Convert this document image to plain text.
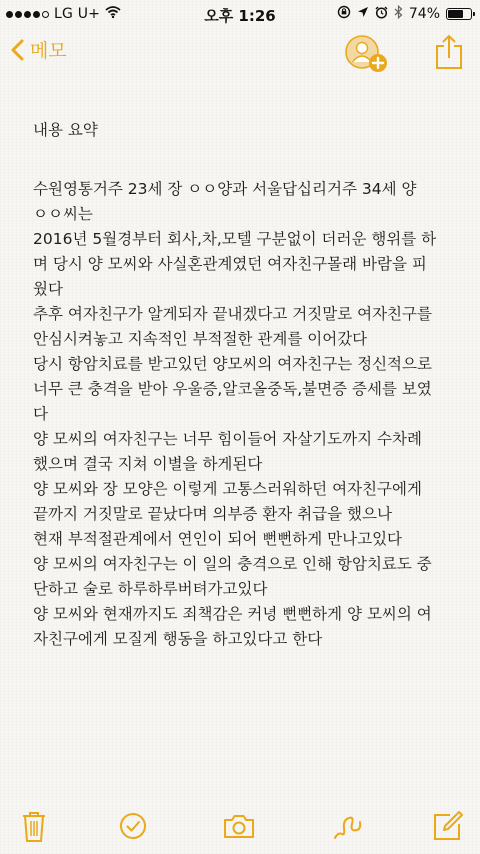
LG U+	오후 1:26	74%
메모
내용 요약
수원영통거주 23세 장 ㅇㅇ양과 서울답십리거주 34세 양
ㅇㅇ씨는
2016년 5월경부터 회사,차,모텔 구분없이 더러운 행위를 하
며 당시 양 모씨와 사실혼관계였던 여자친구몰래 바람을 피
웠다
추후 여자친구가 알게되자 끝내겠다고 거짓말로 여자친구를
안심시켜놓고 지속적인 부적절한 관계를 이어갔다
당시 항암치료를 받고있던 양모씨의 여자친구는 정신적으로
너무 큰 충격을 받아 우울증,알코올중독,불면증 증세를 보였
다
양 모씨의 여자친구는 너무 힘이들어 자살기도까지 수차례
했으며 결국 지쳐 이별을 하게된다
양 모씨와 장 모양은 이렇게 고통스러워하던 여자친구에게
끝까지 거짓말로 끝났다며 의부증 환자 취급을 했으나
현재 부적절관계에서 연인이 되어 뻔뻔하게 만나고있다
양 모씨의 여자친구는 이 일의 충격으로 인해 항암치료도 중
단하고 술로 하루하루버텨가고있다
양 모씨와 현재까지도 죄책감은 커녕 뻔뻔하게 양 모씨의 여
자친구에게 모질게 행동을 하고있다고 한다
